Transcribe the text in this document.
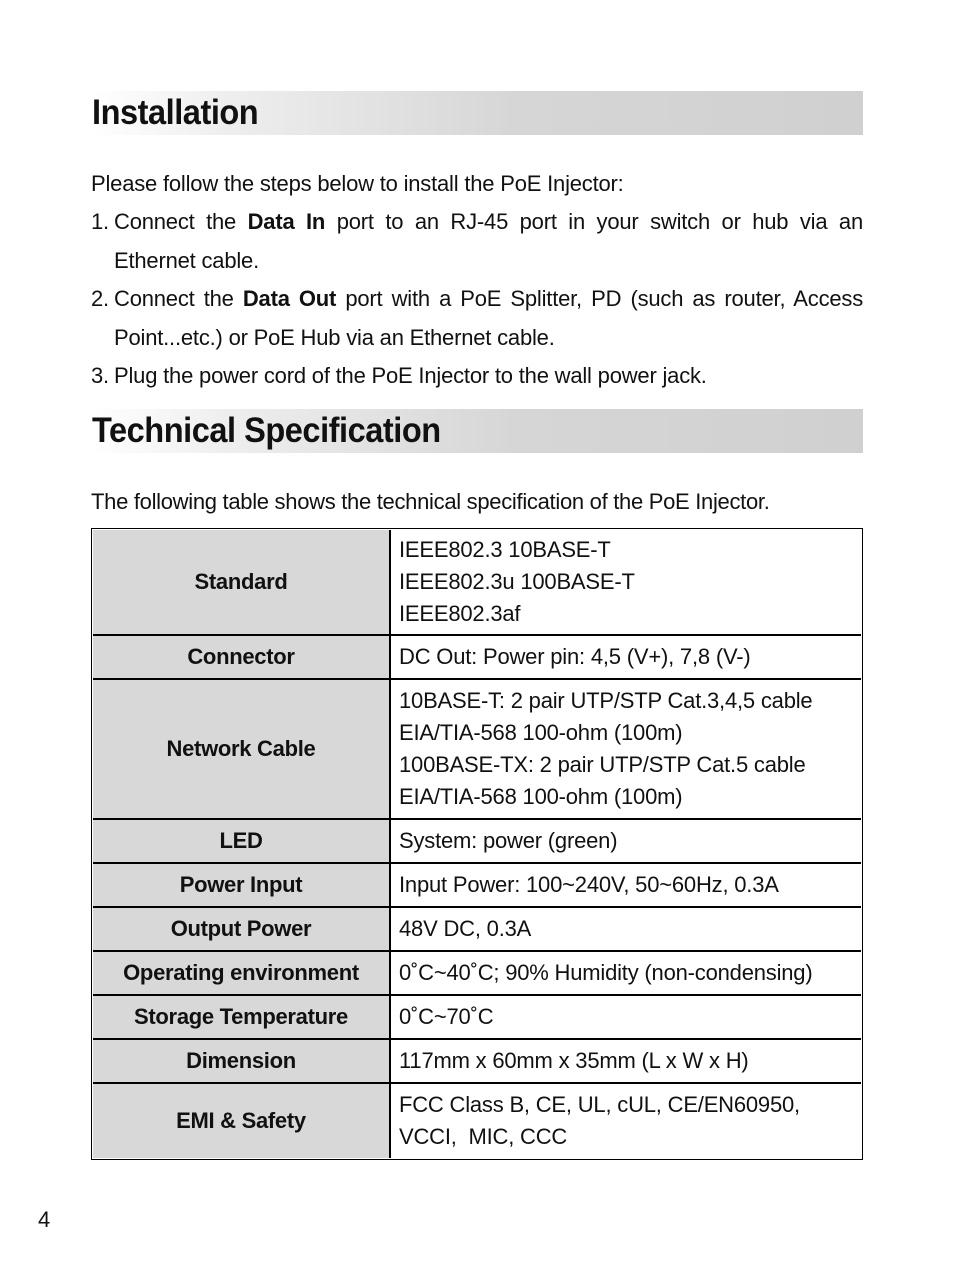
Installation

Please follow the steps below to install the PoE Injector:

1. Connect the Data In port to an RJ-45 port in your switch or hub via an Ethernet cable.
2. Connect the Data Out port with a PoE Splitter, PD (such as router, Access Point...etc.) or PoE Hub via an Ethernet cable.
3. Plug the power cord of the PoE Injector to the wall power jack.
Technical Specification

The following table shows the technical specification of the PoE Injector.

Standard	IEEE802.3 10BASE-T
IEEE802.3u 100BASE-T
IEEE802.3af

Connector	DC Out: Power pin: 4,5 (V+), 7,8 (V-)

Network Cable	10BASE-T: 2 pair UTP/STP Cat.3,4,5 cable
EIA/TIA-568 100-ohm (100m)
100BASE-TX: 2 pair UTP/STP Cat.5 cable
EIA/TIA-568 100-ohm (100m)

LED	System: power (green)

Power Input	Input Power: 100~240V, 50~60Hz, 0.3A

Output Power	48V DC, 0.3A

Operating environment	0˚C~40˚C; 90% Humidity (non-condensing)

Storage Temperature	0˚C~70˚C

Dimension	117mm x 60mm x 35mm (L x W x H)

EMI & Safety	FCC Class B, CE, UL, cUL, CE/EN60950,
VCCI,  MIC, CCC
4
